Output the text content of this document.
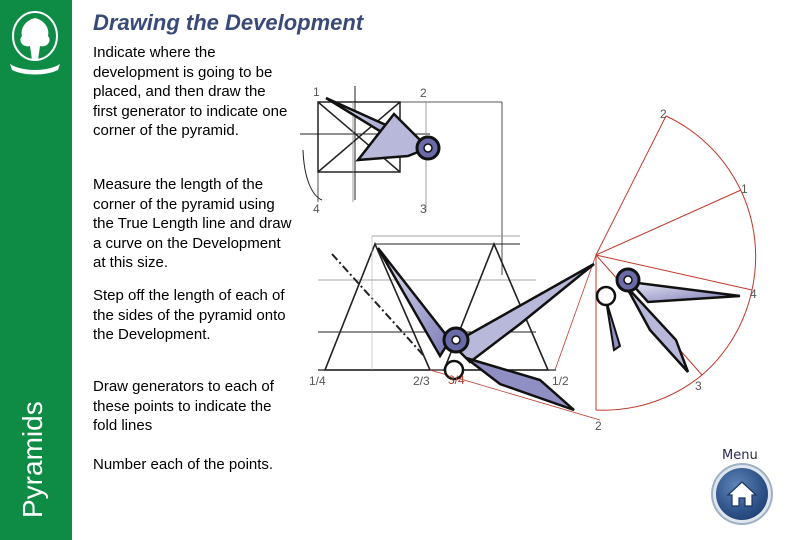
Pyramids
Drawing the Development
Indicate where the development is going to be placed, and then draw the first generator to indicate one corner of the pyramid.
Measure the length of the corner of the pyramid using the True Length line and draw a curve on the Development at this size.
Step off the length of each of the sides of the pyramid onto the Development.
Draw generators to each of these points to indicate the fold lines
Number each of the points.
1	2
3
4
2
1
4
3
2
1/4	2/3 3/4	1/2
Menu
